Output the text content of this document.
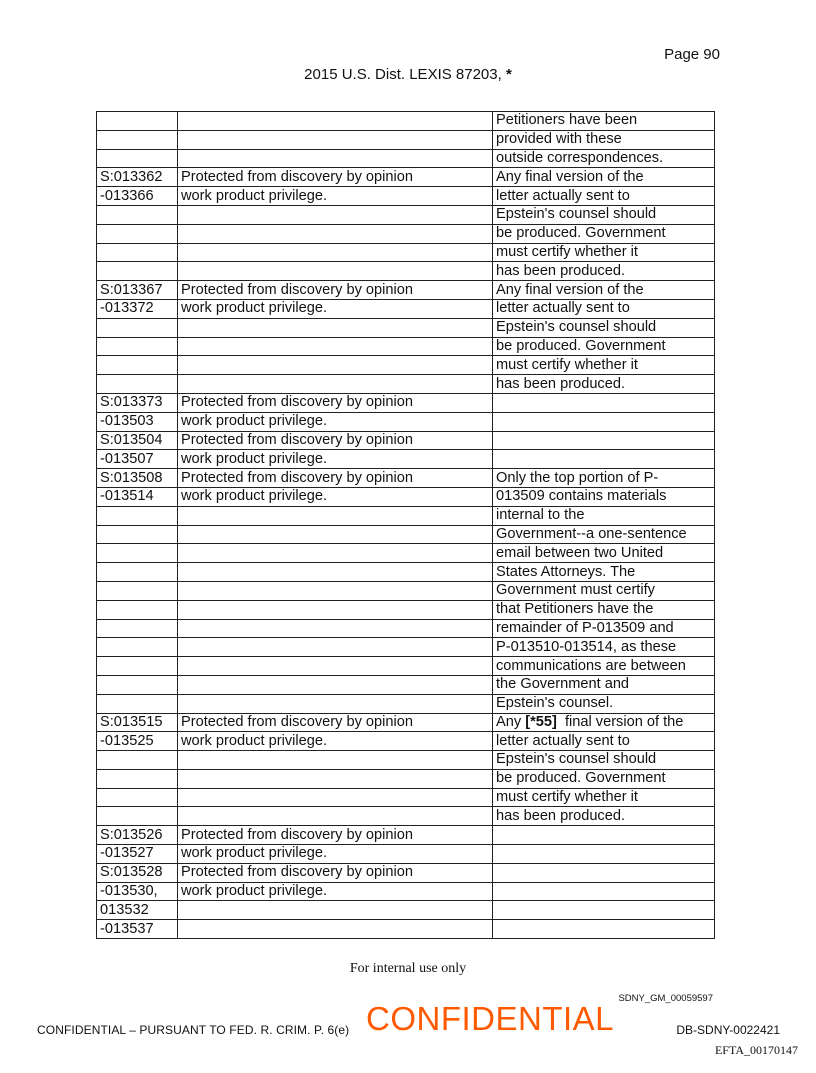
Page 90
2015 U.S. Dist. LEXIS 87203, *
		Petitioners have been
		provided with these
		outside correspondences.
S:013362	Protected from discovery by opinion	Any final version of the
-013366	work product privilege.	letter actually sent to
		Epstein's counsel should
		be produced. Government
		must certify whether it
		has been produced.
S:013367	Protected from discovery by opinion	Any final version of the
-013372	work product privilege.	letter actually sent to
		Epstein's counsel should
		be produced. Government
		must certify whether it
		has been produced.
S:013373	Protected from discovery by opinion	
-013503	work product privilege.	
S:013504	Protected from discovery by opinion	
-013507	work product privilege.	
S:013508	Protected from discovery by opinion	Only the top portion of P-
-013514	work product privilege.	013509 contains materials
		internal to the
		Government--a one-sentence
		email between two United
		States Attorneys. The
		Government must certify
		that Petitioners have the
		remainder of P-013509 and
		P-013510-013514, as these
		communications are between
		the Government and
		Epstein's counsel.
S:013515	Protected from discovery by opinion	Any [*55]  final version of the
-013525	work product privilege.	letter actually sent to
		Epstein's counsel should
		be produced. Government
		must certify whether it
		has been produced.
S:013526	Protected from discovery by opinion	
-013527	work product privilege.	
S:013528	Protected from discovery by opinion	
-013530,	work product privilege.	
013532		
-013537		
For internal use only
SDNY_GM_00059597
CONFIDENTIAL – PURSUANT TO FED. R. CRIM. P. 6(e) CONFIDENTIAL	DB-SDNY-0022421
EFTA_00170147
